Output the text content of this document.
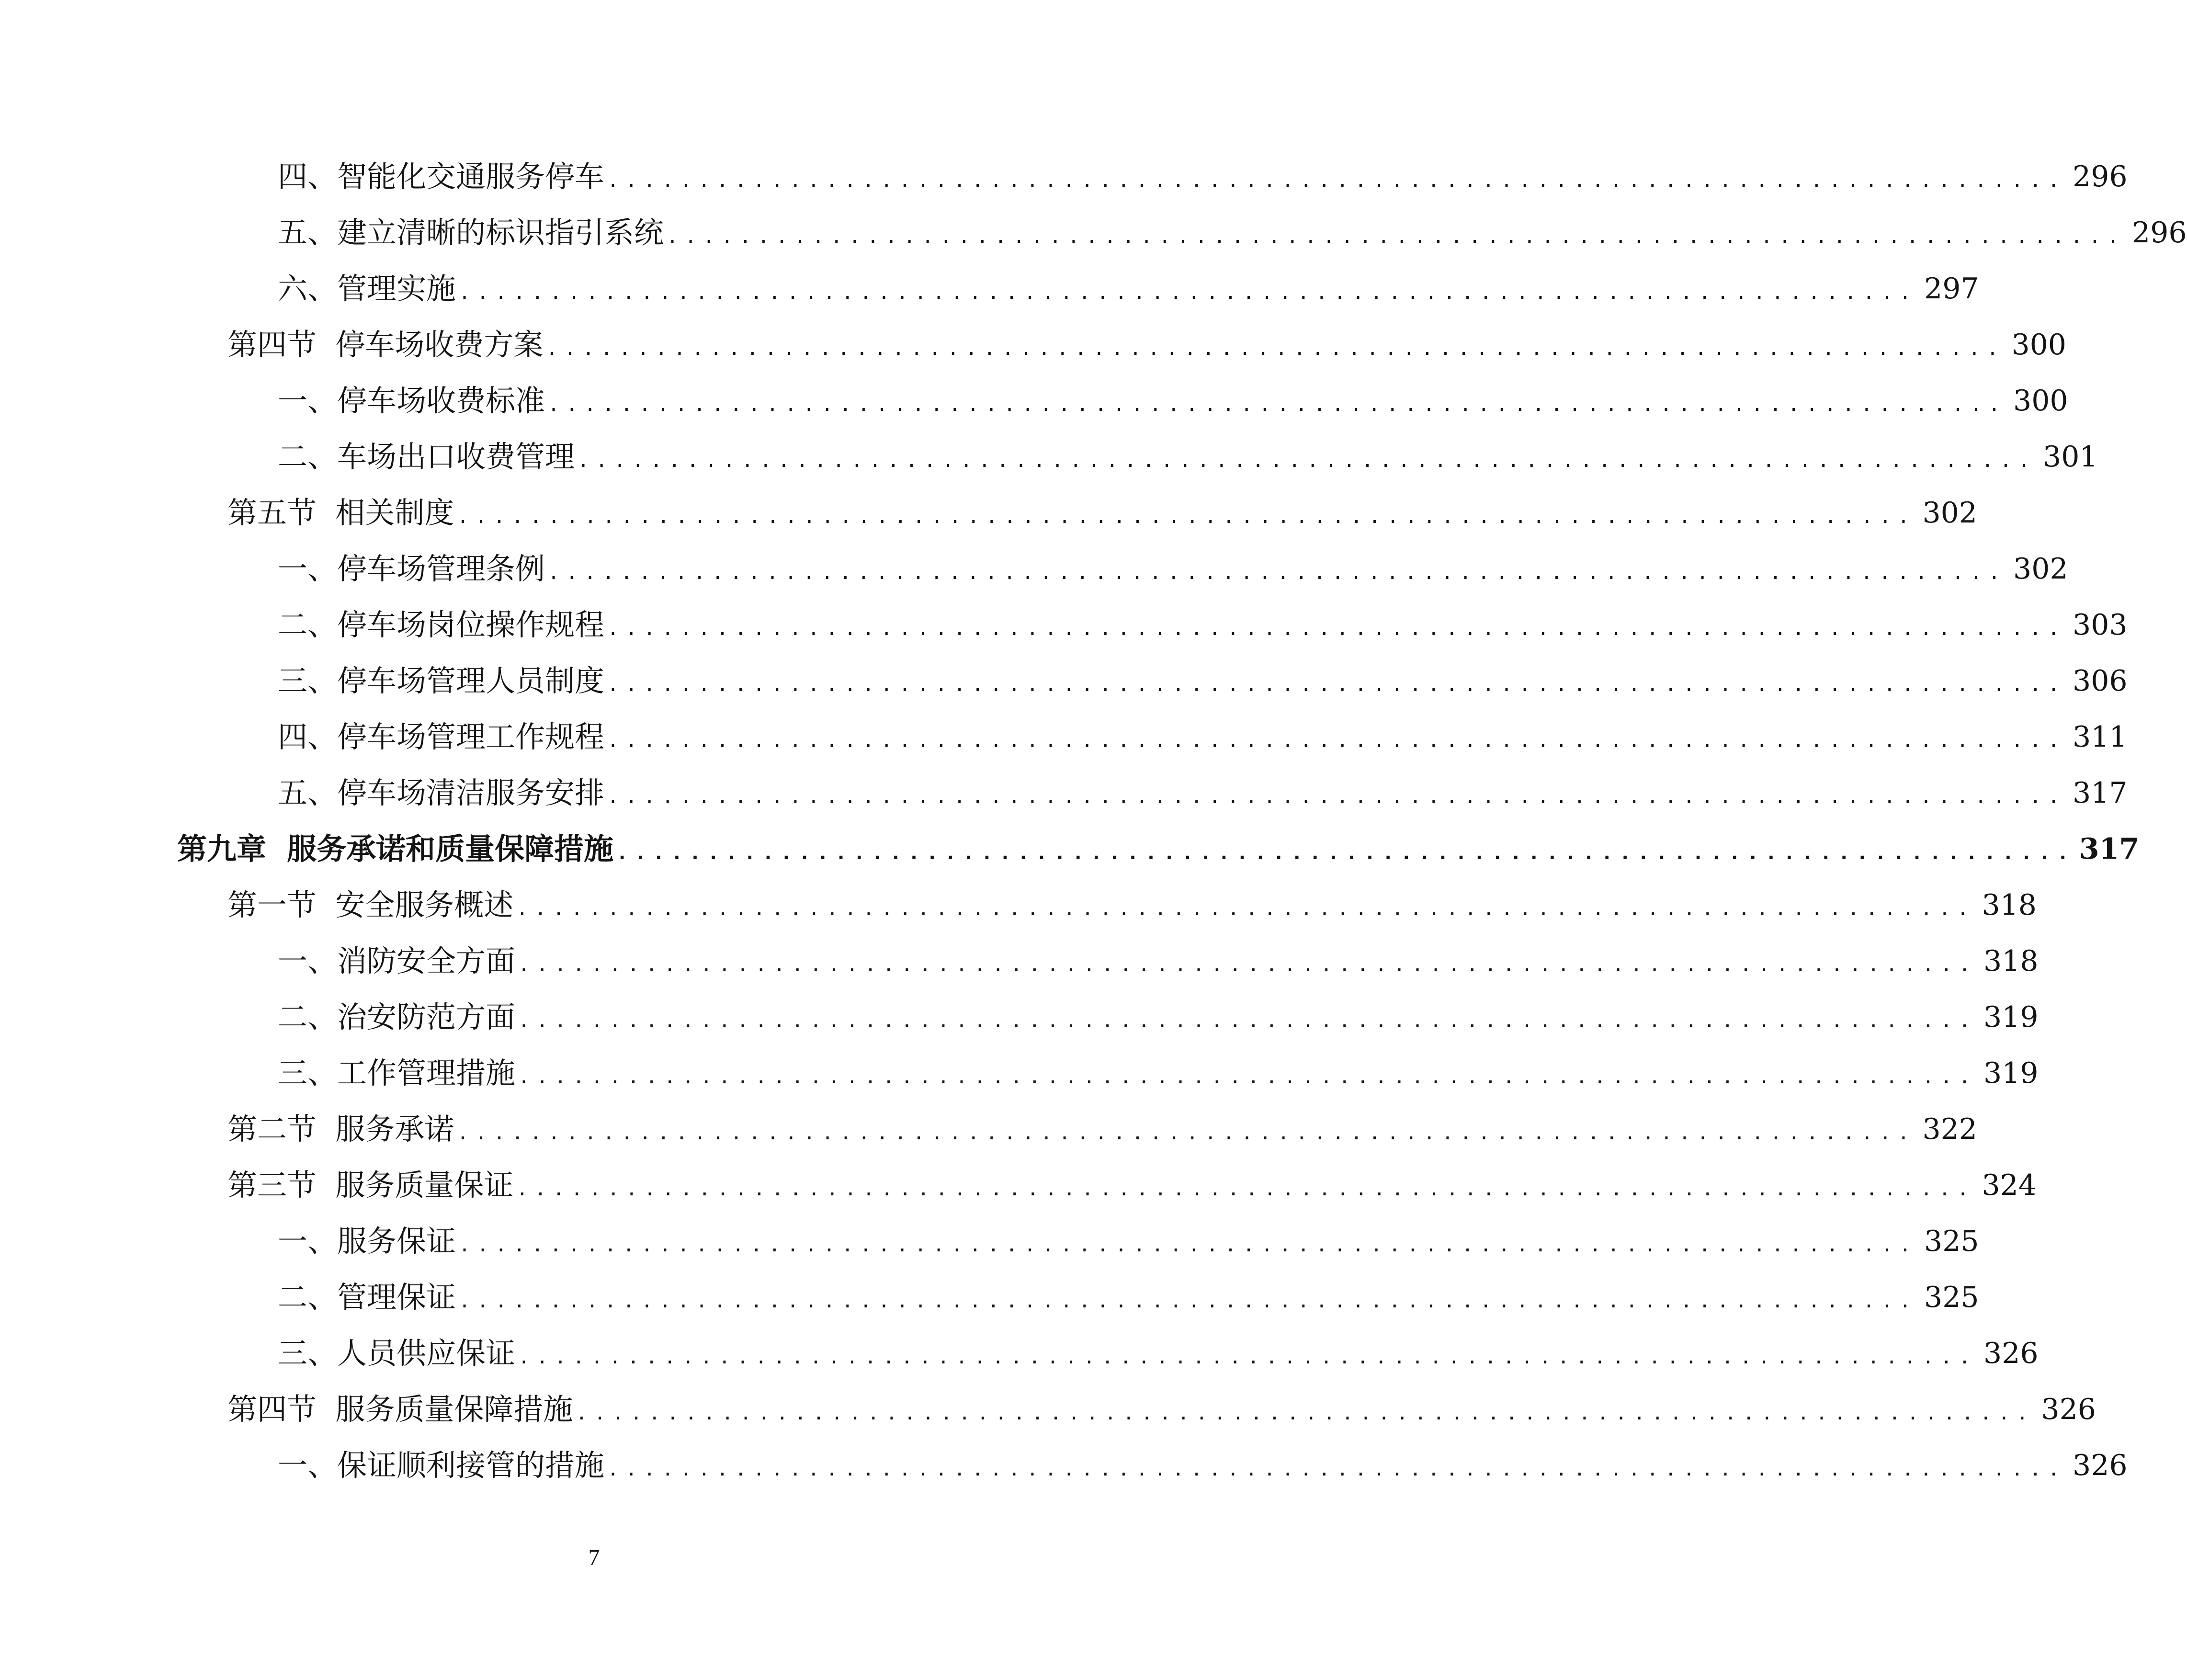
四、智能化交通服务停车 ................................................................................ 296
五、建立清晰的标识指引系统 ................................................................................ 296
六、管理实施 ................................................................................ 297
第四节  停车场收费方案 ................................................................................ 300
一、停车场收费标准 ................................................................................ 300
二、车场出口收费管理 ................................................................................ 301
第五节  相关制度 ................................................................................ 302
一、停车场管理条例 ................................................................................ 302
二、停车场岗位操作规程 ................................................................................ 303
三、停车场管理人员制度 ................................................................................ 306
四、停车场管理工作规程 ................................................................................ 311
五、停车场清洁服务安排 ................................................................................ 317
第九章  服务承诺和质量保障措施 ................................................................................ 317
第一节  安全服务概述 ................................................................................ 318
一、消防安全方面 ................................................................................ 318
二、治安防范方面 ................................................................................ 319
三、工作管理措施 ................................................................................ 319
第二节  服务承诺 ................................................................................ 322
第三节  服务质量保证 ................................................................................ 324
一、服务保证 ................................................................................ 325
二、管理保证 ................................................................................ 325
三、人员供应保证 ................................................................................ 326
第四节  服务质量保障措施 ................................................................................ 326
一、保证顺利接管的措施 ................................................................................ 326
7
